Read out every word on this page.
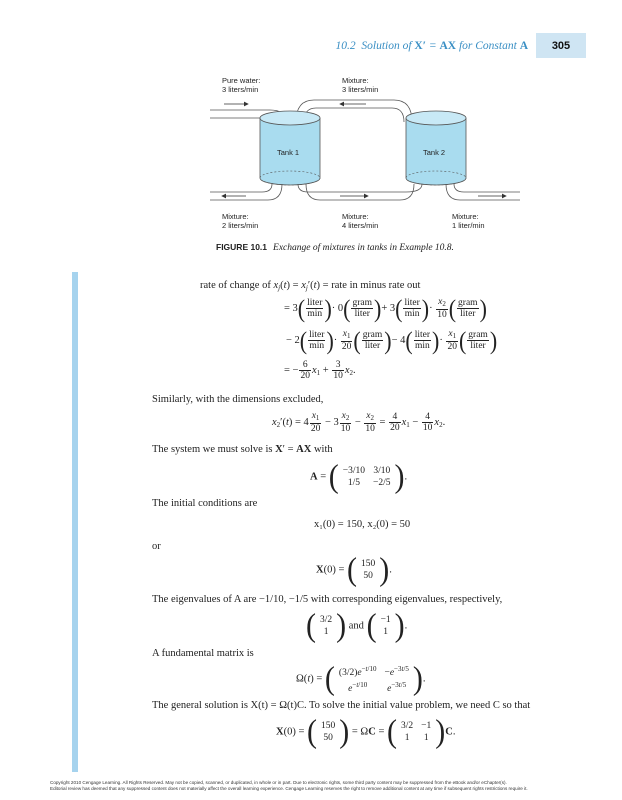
10.2 Solution of X′ = AX for Constant A	305
Pure water:
3 liters/min
Mixture:
3 liters/min
Tank 1	Tank 2
Mixture:
2 liters/min
Mixture:
4 liters/min
Mixture:
1 liter/min
FIGURE 10.1 Exchange of mixtures in tanks in Example 10.8.
rate of change of $x_j(t) = x_j'(t)$ = rate in minus rate out
= $3( \frac{\text{liter}}{\min}$ )· $0( \frac{\text{gram}}{\text{liter}}$ )+ $3( \frac{\text{liter}}{\min}$ )· $\frac{x_2}{10}$ ( $\frac{\text{gram}}{\text{liter}}$ )
− $2( \frac{\text{liter}}{\min}$ )· $\frac{x_1}{20}$ ( $\frac{\text{gram}}{\text{liter}}$ )− $4( \frac{\text{liter}}{\min}$ )· $\frac{x_1}{20}$ ( $\frac{\text{gram}}{\text{liter}}$ )
= − $\frac{6}{20} x_1 + \frac{3}{10} x_2$.
Similarly, with the dimensions excluded,
$x_2'(t) = 4 \frac{x_1}{20} - 3 \frac{x_2}{10} - \frac{x_2}{10} = \frac{4}{20} x_1 - \frac{4}{10} x_2$.
The system we must solve is X′ = AX with
A = ( −3/10	3/10
1/5	−2/5 ).
The initial conditions are
x₁(0) = 150, x₂(0) = 50
or
X(0) = ( 150
50 ).
The eigenvalues of A are −1/10, −1/5 with corresponding eigenvalues, respectively,
( 3/2
1 ) and ( −1
1 ).
A fundamental matrix is
Ω(t) = ( $(3/2)e^{-t/10}$	$-e^{-3t/5}$
$e^{-t/10}$	$e^{-3t/5}$ ).
The general solution is X(t) = Ω(t)C. To solve the initial value problem, we need C so that
X(0) = ( 150
50 ) = ΩC = ( 3/2	−1
1	1 )C.
Copyright 2010 Cengage Learning. All Rights Reserved. May not be copied, scanned, or duplicated, in whole or in part. Due to electronic rights, some third party content may be suppressed from the eBook and/or eChapter(s).
Editorial review has deemed that any suppressed content does not materially affect the overall learning experience. Cengage Learning reserves the right to remove additional content at any time if subsequent rights restrictions require it.
